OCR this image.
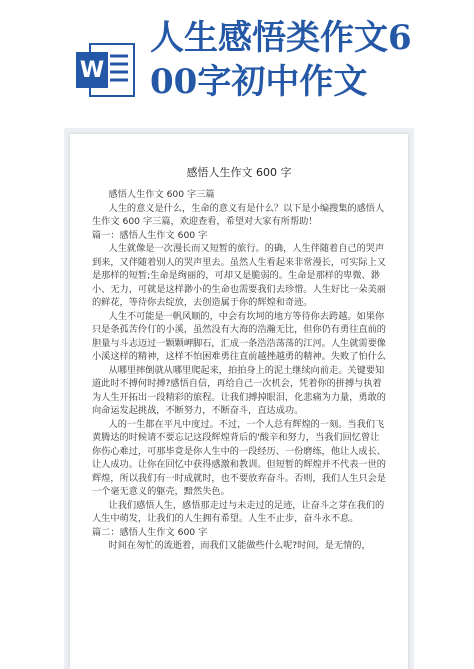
W
人生感悟类作文6
00字初中作文
感悟人生作文 600 字

感悟人生作文 600 字三篇

人生的意义是什么，生命的意义有是什么？以下是小编搜集的感悟人生作文 600 字三篇，欢迎查看，希望对大家有所帮助！

篇一：感悟人生作文 600 字

人生就像是一次漫长而又短暂的旅行。的确，人生伴随着自己的哭声到来，又伴随着别人的哭声里去。虽然人生看起来非常漫长，可实际上又是那样的短暂;生命是绚丽的，可却又是脆弱的。生命是那样的卑微、渺小、无力，可就是这样渺小的生命也需要我们去珍惜。人生好比一朵美丽的鲜花，等待你去绽放，去创造属于你的辉煌和奇迹。

人生不可能是一帆风顺的，中会有坎坷的地方等待你去跨越。如果你只是条孤苦伶仃的小溪，虽然没有大海的浩瀚无比，但你仍有勇往直前的胆量与斗志迈过一颗颗岬脚石，汇成一条浩浩荡荡的江河。人生就需要像小溪这样的精神，这样不怕困难勇往直前越挫越勇的精神。失败了怕什么

从哪里摔倒就从哪里爬起来，拍拍身上的泥土继续向前走。关键要知道此时不搏何时搏?感悟自信，再给自己一次机会，凭着你的拼搏与执着为人生开拓出一段精彩的旅程。让我们搏掉眼泪，化悲痛为力量，勇敢的向命运发起挑战，不断努力，不断奋斗，直达成功。

人的一生都在平凡中度过。不过，一个人总有辉煌的一刻。当我们飞黄腾达的时候请不要忘记这段辉煌背后的'酸辛和努力，当我们回忆曾让你伤心难过，可那毕竟是你人生中的一段经历、一份磨练，他让人成长、让人成功。让你在回忆中获得感激和教训。但短暂的辉煌并不代表一世的辉煌，所以我们有一时成就时，也不要放弃奋斗。否则，我们人生只会是一个毫无意义的躯壳，黯然失色。

让我们感悟人生，感悟那走过与未走过的足迹，让奋斗之芽在我们的人生中萌发，让我们的人生拥有希望。人生不止步，奋斗永不息。

篇二：感悟人生作文 600 字

时间在匆忙的流逝着，而我们又能做些什么呢?时间，是无情的，
